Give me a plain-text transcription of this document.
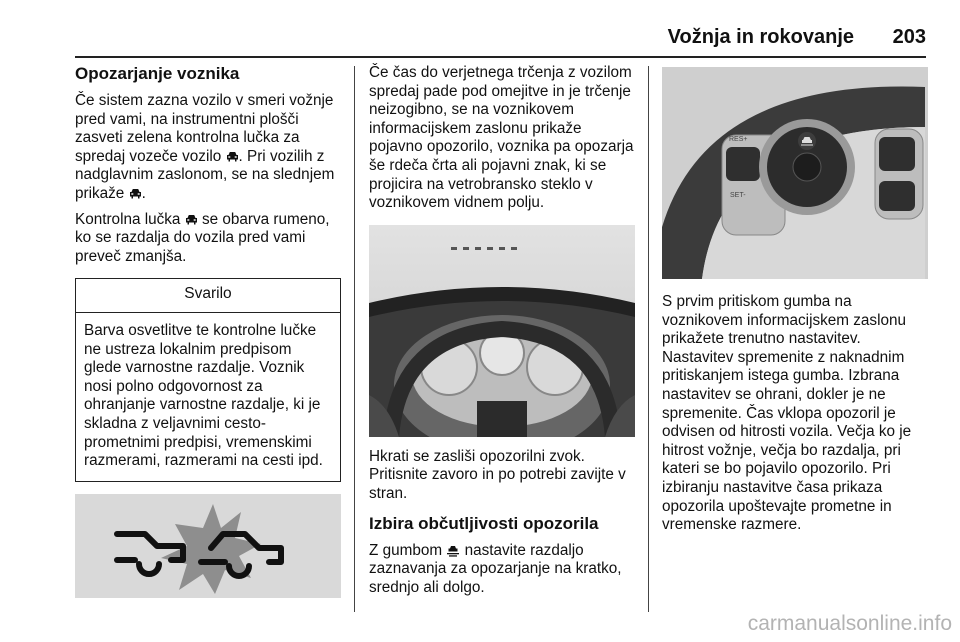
Vožnja in rokovanje 203
Opozarjanje voznika

Če sistem zazna vozilo v smeri vožnje pred vami, na instrumentni plošči zasveti zelena kontrolna lučka za spredaj vozeče vozilo . Pri vozilih z nadglavnim zaslonom, se na slednjem prikaže .

Kontrolna lučka  se obarva rumeno, ko se razdalja do vozila pred vami preveč zmanjša.

Svarilo
Barva osvetlitve te kontrolne lučke ne ustreza lokalnim predpisom glede varnostne razdalje. Voznik nosi polno odgovornost za ohranjanje varnostne razdalje, ki je skladna z veljavnimi cesto-prometnimi predpisi, vremenskimi razmerami, razmerami na cesti ipd.

Če čas do verjetnega trčenja z vozilom spredaj pade pod omejitve in je trčenje neizogibno, se na voznikovem informacijskem zaslonu prikaže pojavno opozorilo, voznika pa opozarja še rdeča črta ali pojavni znak, ki se projicira na vetrobransko steklo v voznikovem vidnem polju.

Hkrati se zasliši opozorilni zvok. Pritisnite zavoro in po potrebi zavijte v stran.

Izbira občutljivosti opozorila

Z gumbom  nastavite razdaljo zaznavanja za opozarjanje na kratko, srednjo ali dolgo.

RES+
SET-

S prvim pritiskom gumba na voznikovem informacijskem zaslonu prikažete trenutno nastavitev. Nastavitev spremenite z naknadnim pritiskanjem istega gumba. Izbrana nastavitev se ohrani, dokler je ne spremenite. Čas vklopa opozoril je odvisen od hitrosti vozila. Večja ko je hitrost vožnje, večja bo razdalja, pri kateri se bo pojavilo opozorilo. Pri izbiranju nastavitve časa prikaza opozorila upoštevajte prometne in vremenske razmere.

carmanualsonline.info
